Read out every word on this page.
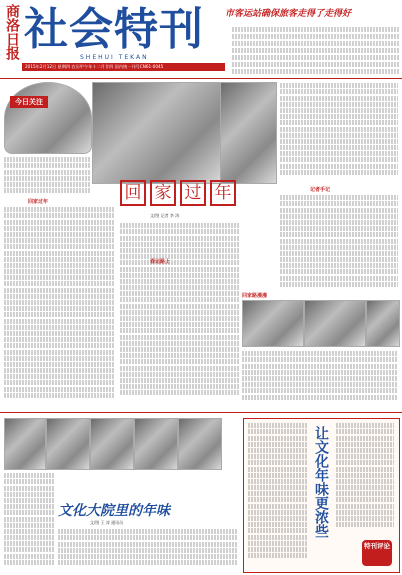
商洛日报 社会特刊
SHEHUI TEKAN
2015年2月12日 星期四 农历甲午年十二月廿四 国内统一刊号CN61-0045
市客运站确保旅客走得了走得好
今日关注
回 家 过 年
文/图 记者 李 涛
回家过年
春运路上
记者手记
回家路漫漫
文化大院里的年味
文/图 王 涛 通讯员	让文化年味更浓些
特刊评论
